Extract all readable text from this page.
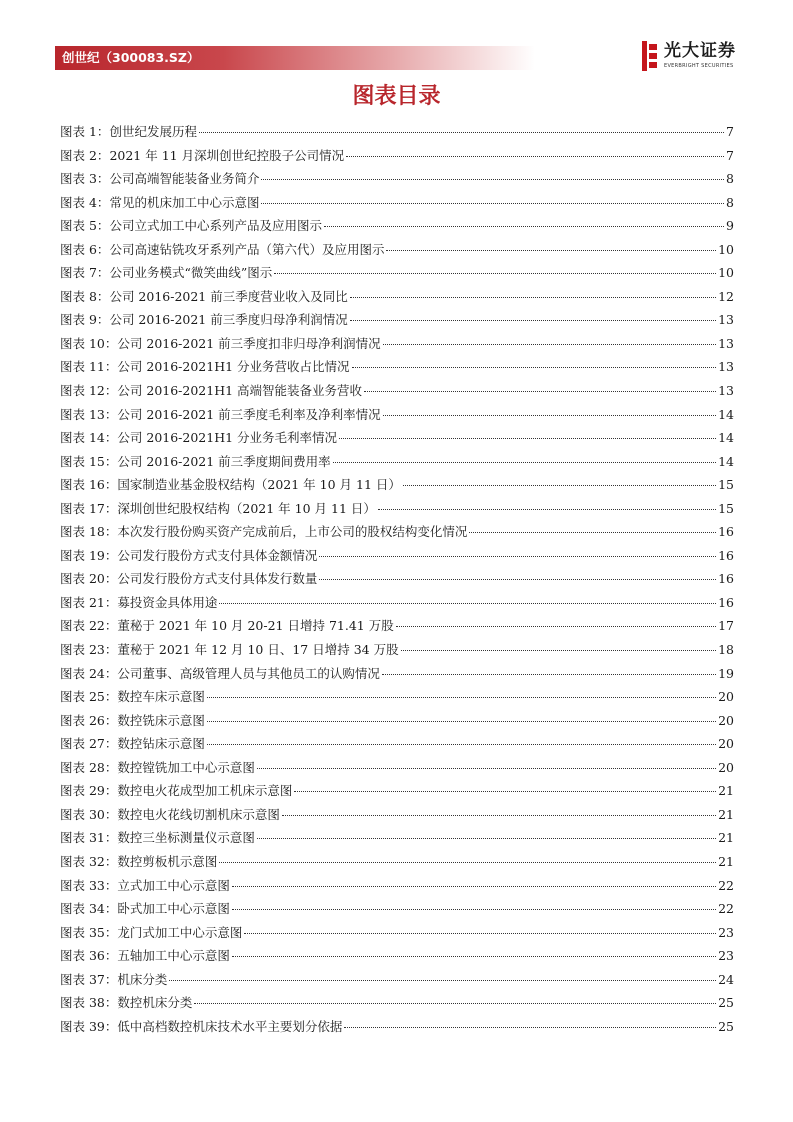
创世纪（300083.SZ）	光大证券
EVERBRIGHT SECURITIES
图表目录
图表 1： 创世纪发展历程	7
图表 2： 2021 年 11 月深圳创世纪控股子公司情况	7
图表 3： 公司高端智能装备业务简介	8
图表 4： 常见的机床加工中心示意图	8
图表 5： 公司立式加工中心系列产品及应用图示	9
图表 6： 公司高速钻铣攻牙系列产品（第六代）及应用图示	10
图表 7： 公司业务模式“微笑曲线”图示	10
图表 8： 公司 2016-2021 前三季度营业收入及同比	12
图表 9： 公司 2016-2021 前三季度归母净利润情况	13
图表 10： 公司 2016-2021 前三季度扣非归母净利润情况	13
图表 11： 公司 2016-2021H1 分业务营收占比情况	13
图表 12： 公司 2016-2021H1 高端智能装备业务营收	13
图表 13： 公司 2016-2021 前三季度毛利率及净利率情况	14
图表 14： 公司 2016-2021H1 分业务毛利率情况	14
图表 15： 公司 2016-2021 前三季度期间费用率	14
图表 16： 国家制造业基金股权结构（2021 年 10 月 11 日）	15
图表 17： 深圳创世纪股权结构（2021 年 10 月 11 日）	15
图表 18： 本次发行股份购买资产完成前后，上市公司的股权结构变化情况	16
图表 19： 公司发行股份方式支付具体金额情况	16
图表 20： 公司发行股份方式支付具体发行数量	16
图表 21： 募投资金具体用途	16
图表 22： 董秘于 2021 年 10 月 20-21 日增持 71.41 万股	17
图表 23： 董秘于 2021 年 12 月 10 日、17 日增持 34 万股	18
图表 24： 公司董事、高级管理人员与其他员工的认购情况	19
图表 25： 数控车床示意图	20
图表 26： 数控铣床示意图	20
图表 27： 数控钻床示意图	20
图表 28： 数控镗铣加工中心示意图	20
图表 29： 数控电火花成型加工机床示意图	21
图表 30： 数控电火花线切割机床示意图	21
图表 31： 数控三坐标测量仪示意图	21
图表 32： 数控剪板机示意图	21
图表 33： 立式加工中心示意图	22
图表 34： 卧式加工中心示意图	22
图表 35： 龙门式加工中心示意图	23
图表 36： 五轴加工中心示意图	23
图表 37： 机床分类	24
图表 38： 数控机床分类	25
图表 39： 低中高档数控机床技术水平主要划分依据	25
